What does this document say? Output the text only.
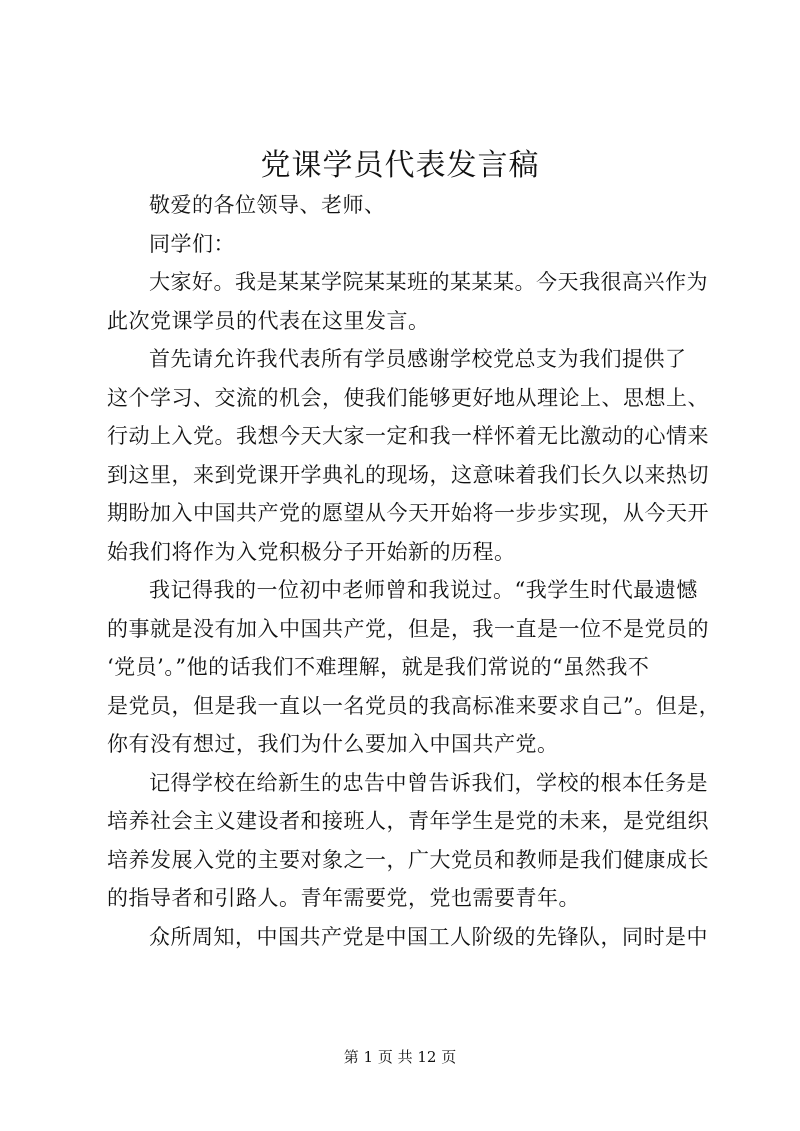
党课学员代表发言稿
敬爱的各位领导、老师、
同学们：
大家好。我是某某学院某某班的某某某。今天我很高兴作为
此次党课学员的代表在这里发言。
首先请允许我代表所有学员感谢学校党总支为我们提供了
这个学习、交流的机会，使我们能够更好地从理论上、思想上、
行动上入党。我想今天大家一定和我一样怀着无比激动的心情来
到这里，来到党课开学典礼的现场，这意味着我们长久以来热切
期盼加入中国共产党的愿望从今天开始将一步步实现，从今天开
始我们将作为入党积极分子开始新的历程。
我记得我的一位初中老师曾和我说过。“我学生时代最遗憾
的事就是没有加入中国共产党，但是，我一直是一位不是党员的
‘党员’。”他的话我们不难理解，就是我们常说的“虽然我不
是党员，但是我一直以一名党员的我高标准来要求自己”。但是，
你有没有想过，我们为什么要加入中国共产党。
记得学校在给新生的忠告中曾告诉我们，学校的根本任务是
培养社会主义建设者和接班人，青年学生是党的未来，是党组织
培养发展入党的主要对象之一，广大党员和教师是我们健康成长
的指导者和引路人。青年需要党，党也需要青年。
众所周知，中国共产党是中国工人阶级的先锋队，同时是中
第 1 页 共 12 页
